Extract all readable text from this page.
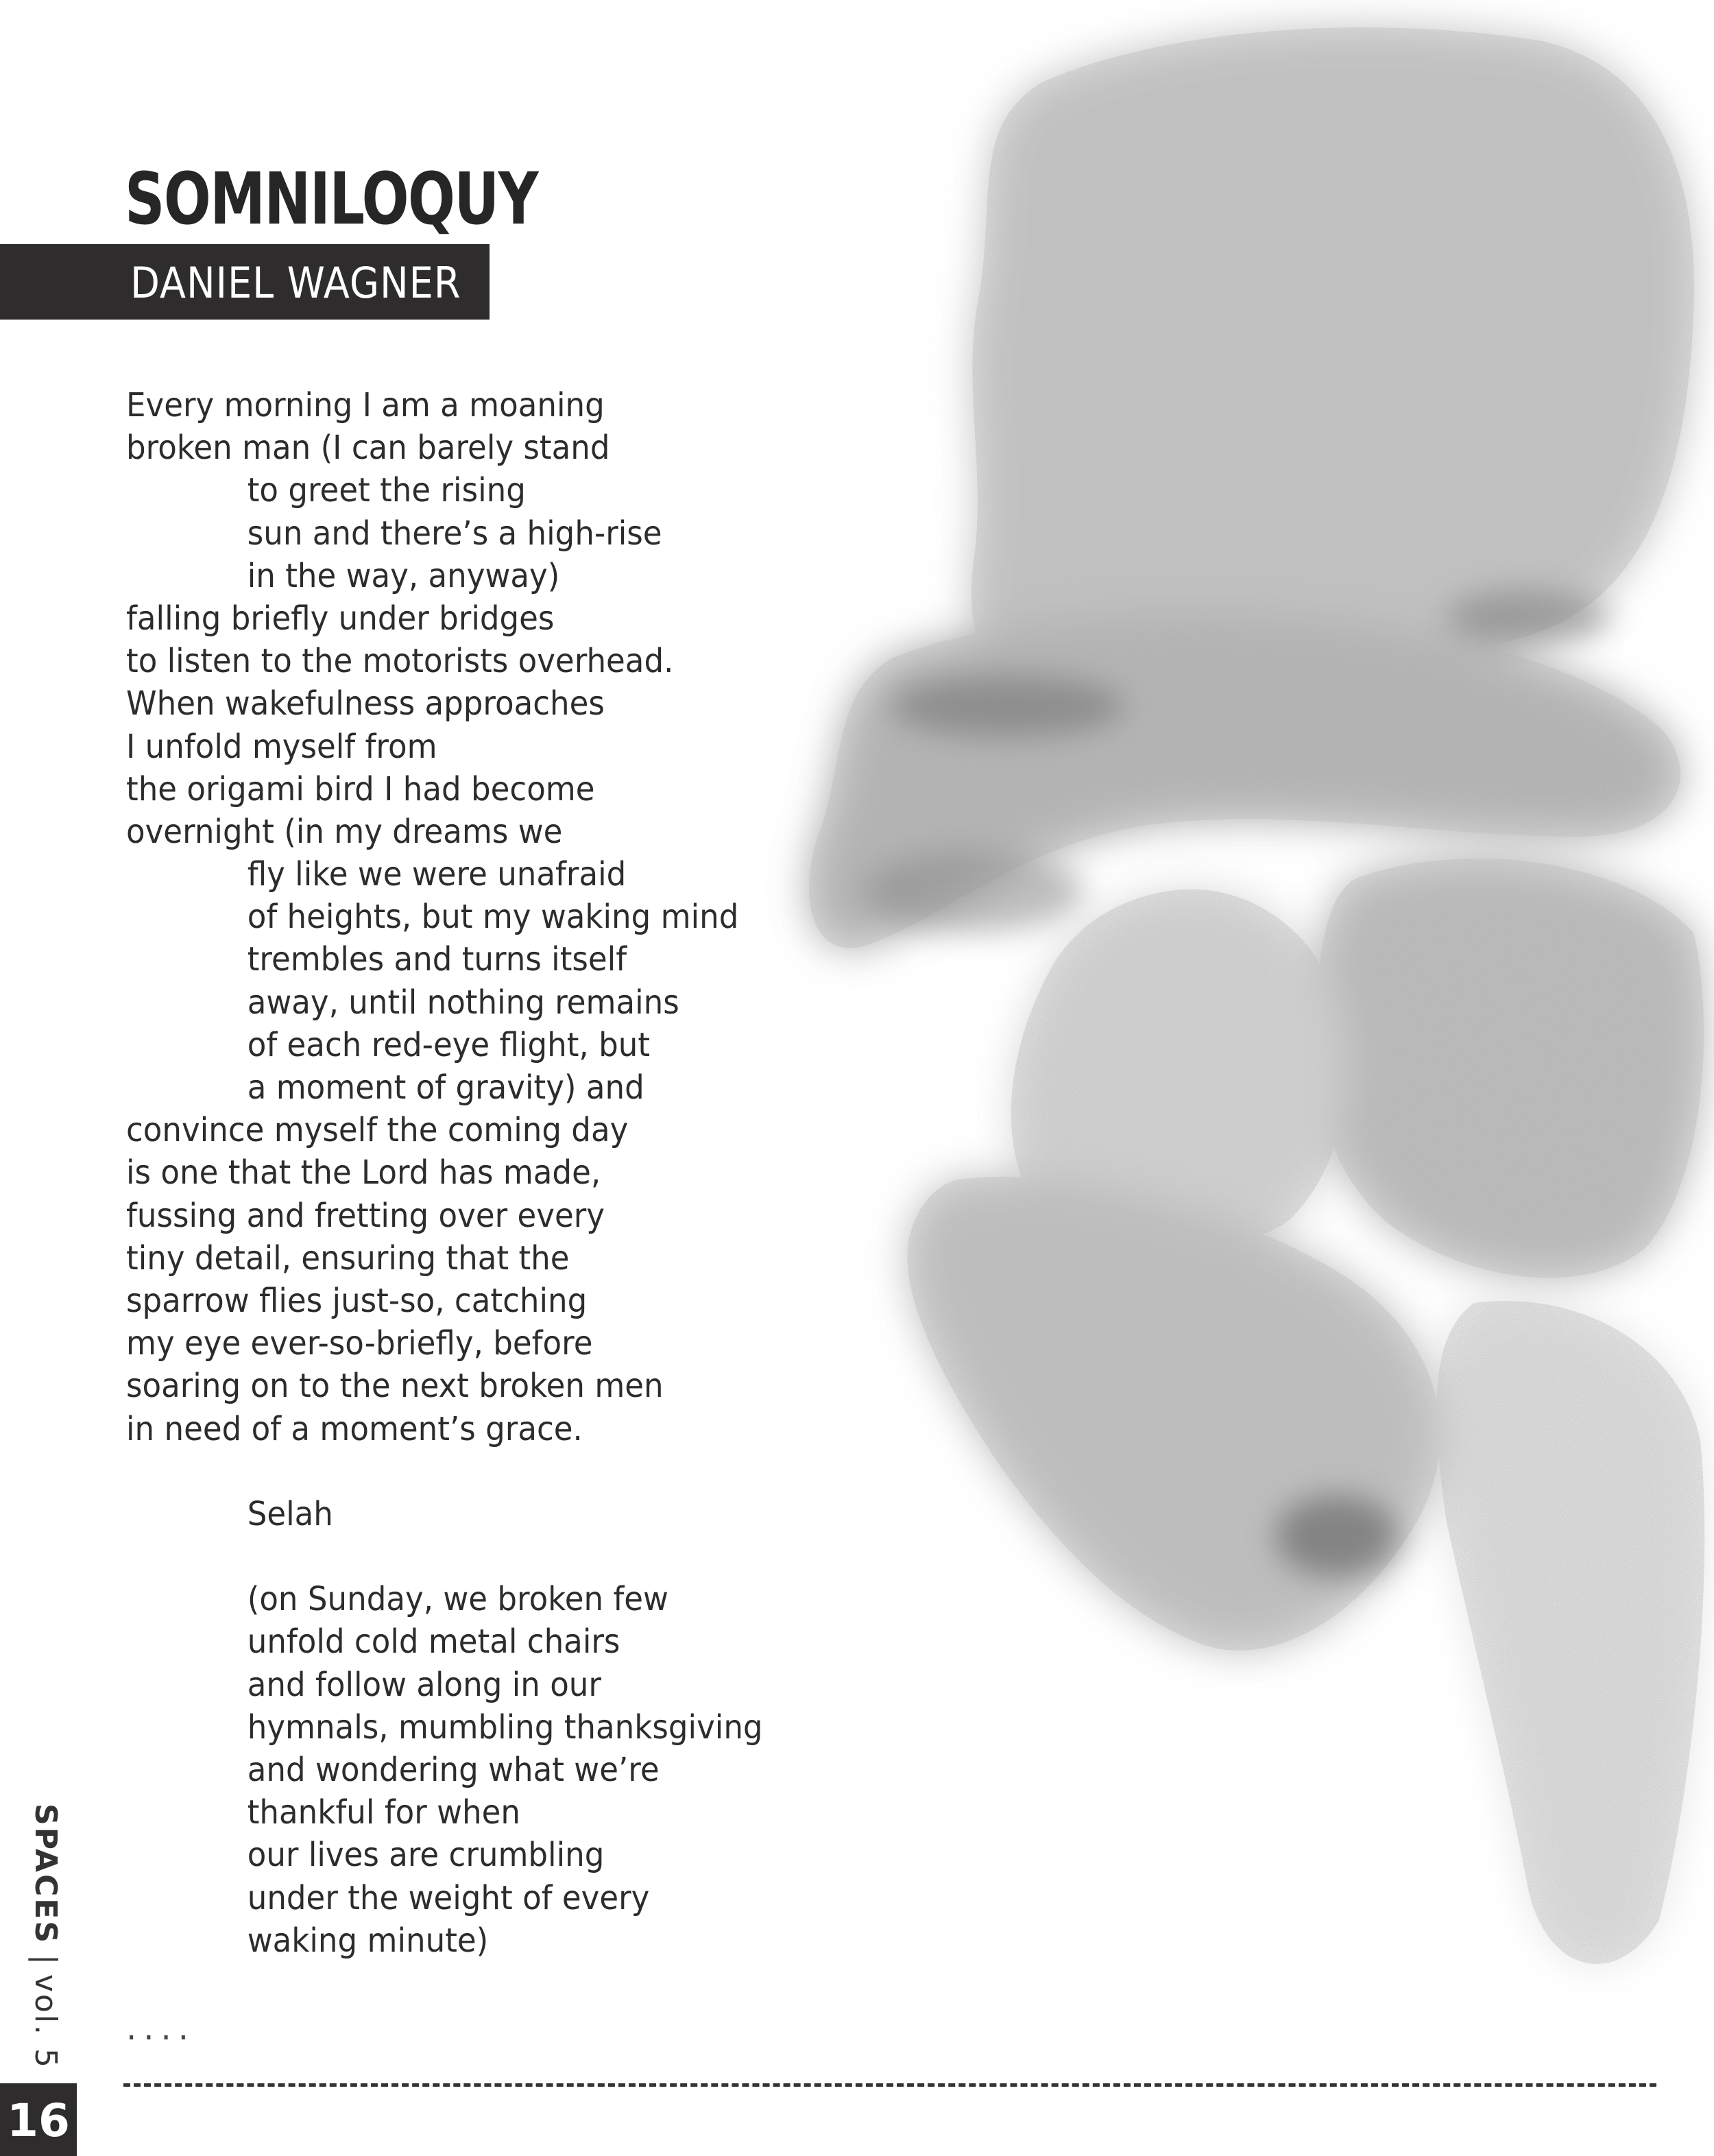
SOMNILOQUY
DANIEL WAGNER
Every morning I am a moaning
broken man (I can barely stand
to greet the rising
sun and there’s a high-rise
in the way, anyway)
falling briefly under bridges
to listen to the motorists overhead.
When wakefulness approaches
I unfold myself from
the origami bird I had become
overnight (in my dreams we
fly like we were unafraid
of heights, but my waking mind
trembles and turns itself
away, until nothing remains
of each red-eye flight, but
a moment of gravity) and
convince myself the coming day
is one that the Lord has made,
fussing and fretting over every
tiny detail, ensuring that the
sparrow flies just-so, catching
my eye ever-so-briefly, before
soaring on to the next broken men
in need of a moment’s grace.
Selah
(on Sunday, we broken few
unfold cold metal chairs
and follow along in our
hymnals, mumbling thanksgiving
and wondering what we’re
thankful for when
our lives are crumbling
under the weight of every
waking minute)
....
SPACES|vol. 5
16
